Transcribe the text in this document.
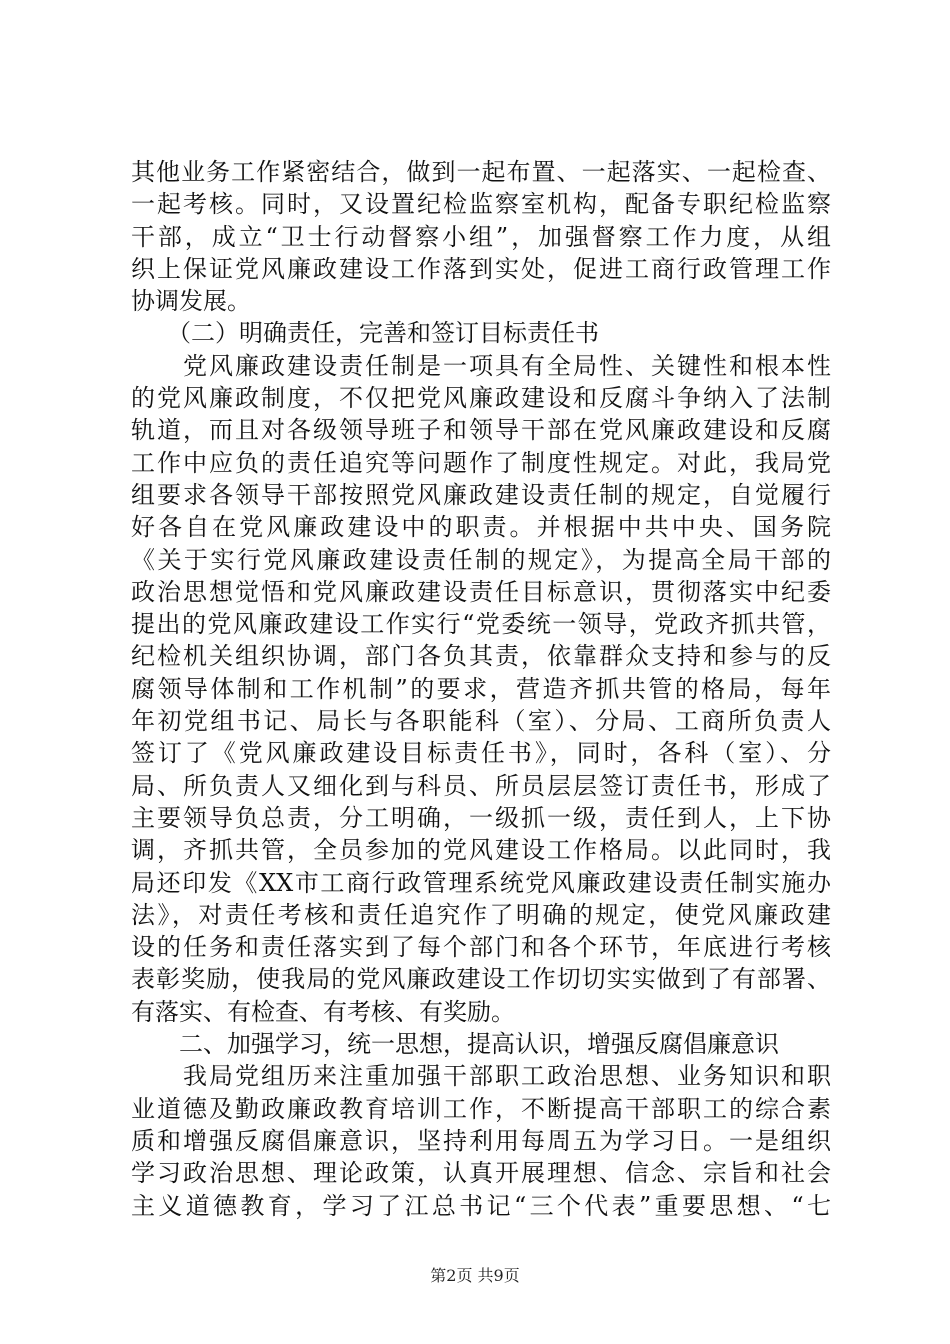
其他业务工作紧密结合，做到一起布置、一起落实、一起检查、
一起考核。同时，又设置纪检监察室机构，配备专职纪检监察
干部，成立“卫士行动督察小组”，加强督察工作力度，从组
织上保证党风廉政建设工作落到实处，促进工商行政管理工作
协调发展。
　　（二）明确责任，完善和签订目标责任书
　　党风廉政建设责任制是一项具有全局性、关键性和根本性
的党风廉政制度，不仅把党风廉政建设和反腐斗争纳入了法制
轨道，而且对各级领导班子和领导干部在党风廉政建设和反腐
工作中应负的责任追究等问题作了制度性规定。对此，我局党
组要求各领导干部按照党风廉政建设责任制的规定，自觉履行
好各自在党风廉政建设中的职责。并根据中共中央、国务院
《关于实行党风廉政建设责任制的规定》，为提高全局干部的
政治思想觉悟和党风廉政建设责任目标意识，贯彻落实中纪委
提出的党风廉政建设工作实行“党委统一领导，党政齐抓共管，
纪检机关组织协调，部门各负其责，依靠群众支持和参与的反
腐领导体制和工作机制”的要求，营造齐抓共管的格局，每年
年初党组书记、局长与各职能科（室）、分局、工商所负责人
签订了《党风廉政建设目标责任书》，同时，各科（室）、分
局、所负责人又细化到与科员、所员层层签订责任书，形成了
主要领导负总责，分工明确，一级抓一级，责任到人，上下协
调，齐抓共管，全员参加的党风建设工作格局。以此同时，我
局还印发《XX市工商行政管理系统党风廉政建设责任制实施办
法》，对责任考核和责任追究作了明确的规定，使党风廉政建
设的任务和责任落实到了每个部门和各个环节，年底进行考核
表彰奖励，使我局的党风廉政建设工作切切实实做到了有部署、
有落实、有检查、有考核、有奖励。
　　二、加强学习，统一思想，提高认识，增强反腐倡廉意识
　　我局党组历来注重加强干部职工政治思想、业务知识和职
业道德及勤政廉政教育培训工作，不断提高干部职工的综合素
质和增强反腐倡廉意识，坚持利用每周五为学习日。一是组织
学习政治思想、理论政策，认真开展理想、信念、宗旨和社会
主义道德教育，学习了江总书记“三个代表”重要思想、“七
第2页 共9页
